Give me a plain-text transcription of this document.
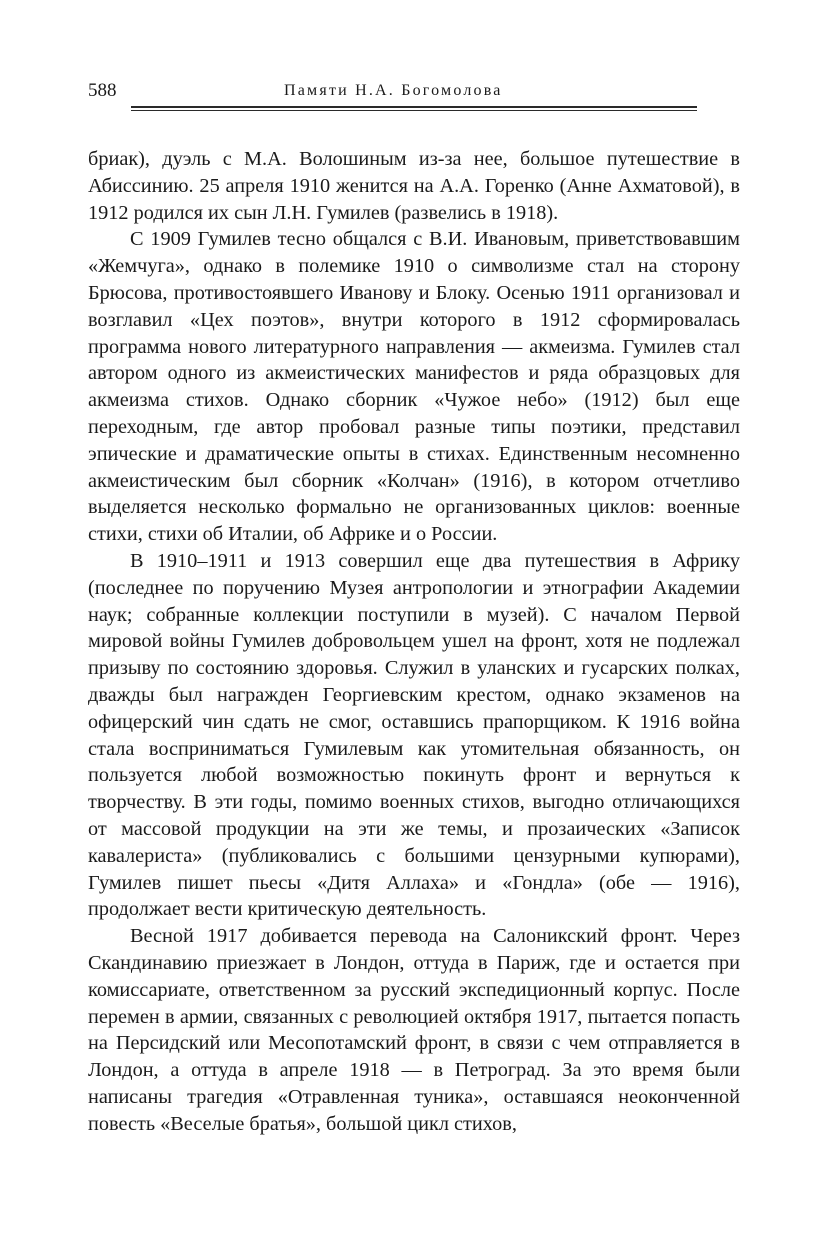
588	Памяти Н.А. Богомолова

бриак), дуэль с М.А. Волошиным из-за нее, большое путешествие в Абиссинию. 25 апреля 1910 женится на А.А. Горенко (Анне Ахматовой), в 1912 родился их сын Л.Н. Гумилев (развелись в 1918).

С 1909 Гумилев тесно общался с В.И. Ивановым, приветствовавшим «Жемчуга», однако в полемике 1910 о символизме стал на сторону Брюсова, противостоявшего Иванову и Блоку. Осенью 1911 организовал и возглавил «Цех поэтов», внутри которого в 1912 сформировалась программа нового литературного направления — акмеизма. Гумилев стал автором одного из акмеистических манифестов и ряда образцовых для акмеизма стихов. Однако сборник «Чужое небо» (1912) был еще переходным, где автор пробовал разные типы поэтики, представил эпические и драматические опыты в стихах. Единственным несомненно акмеистическим был сборник «Колчан» (1916), в котором отчетливо выделяется несколько формально не организованных циклов: военные стихи, стихи об Италии, об Африке и о России.

В 1910–1911 и 1913 совершил еще два путешествия в Африку (последнее по поручению Музея антропологии и этнографии Академии наук; собранные коллекции поступили в музей). С началом Первой мировой войны Гумилев добровольцем ушел на фронт, хотя не подлежал призыву по состоянию здоровья. Служил в уланских и гусарских полках, дважды был награжден Георгиевским крестом, однако экзаменов на офицерский чин сдать не смог, оставшись прапорщиком. К 1916 война стала восприниматься Гумилевым как утомительная обязанность, он пользуется любой возможностью покинуть фронт и вернуться к творчеству. В эти годы, помимо военных стихов, выгодно отличающихся от массовой продукции на эти же темы, и прозаических «Записок кавалериста» (публиковались с большими цензурными купюрами), Гумилев пишет пьесы «Дитя Аллаха» и «Гондла» (обе — 1916), продолжает вести критическую деятельность.

Весной 1917 добивается перевода на Салоникский фронт. Через Скандинавию приезжает в Лондон, оттуда в Париж, где и остается при комиссариате, ответственном за русский экспедиционный корпус. После перемен в армии, связанных с революцией октября 1917, пытается попасть на Персидский или Месопотамский фронт, в связи с чем отправляется в Лондон, а оттуда в апреле 1918 — в Петроград. За это время были написаны трагедия «Отравленная туника», оставшаяся неоконченной повесть «Веселые братья», большой цикл стихов,
